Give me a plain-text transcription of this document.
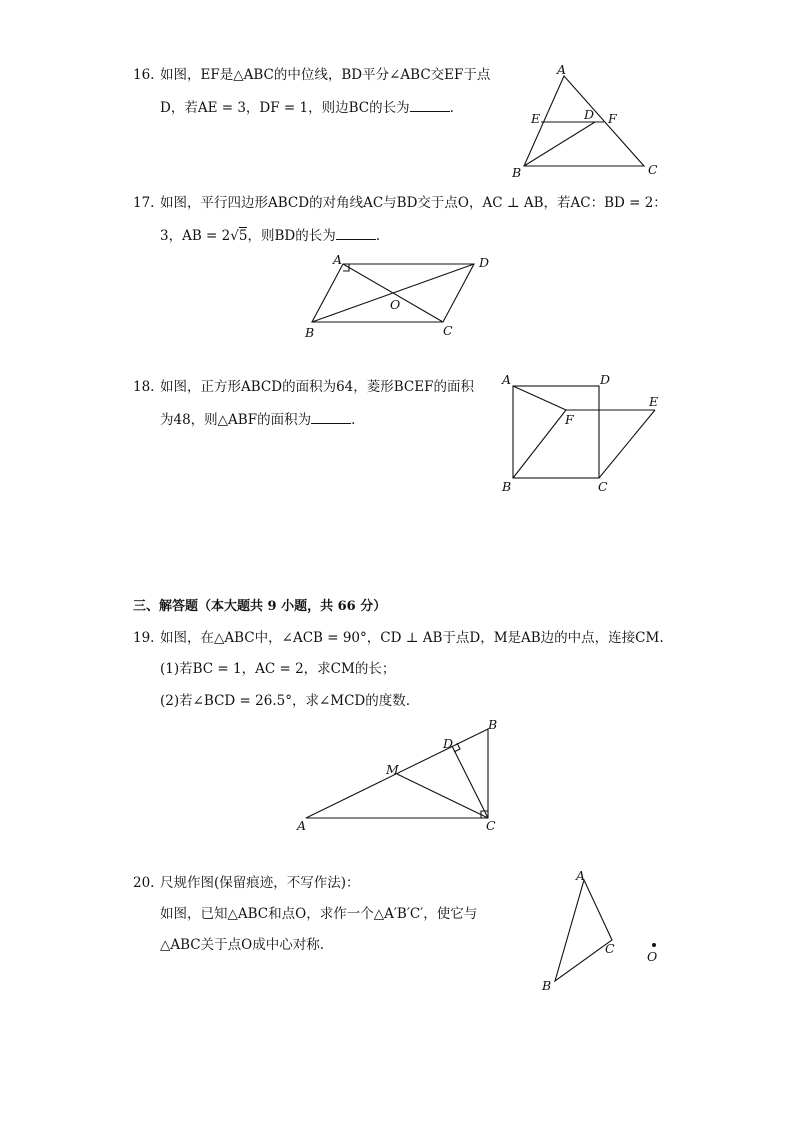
16. 如图，EF是△ABC的中位线，BD平分∠ABC交EF于点
D，若AE = 3，DF = 1，则边BC的长为	.
A
E	D F
B	C
17. 如图，平行四边形ABCD的对角线AC与BD交于点O，AC ⊥ AB，若AC：BD = 2：
3，AB = 2√5，则BD的长为	.
A	D
O
B	C
18. 如图，正方形ABCD的面积为64，菱形BCEF的面积
为48，则△ABF的面积为	.
A	D
E
F
B	C
三、解答题（本大题共 9 小题，共 66 分）
19. 如图，在△ABC中，∠ACB = 90°，CD ⊥ AB于点D，M是AB边的中点，连接CM.
(1)若BC = 1，AC = 2，求CM的长；
(2)若∠BCD = 26.5°，求∠MCD的度数.
B
D
M
A	C
20. 尺规作图(保留痕迹，不写作法)：
如图，已知△ABC和点O，求作一个△A′B′C′，使它与
△ABC关于点O成中心对称.
A
C
B
O
